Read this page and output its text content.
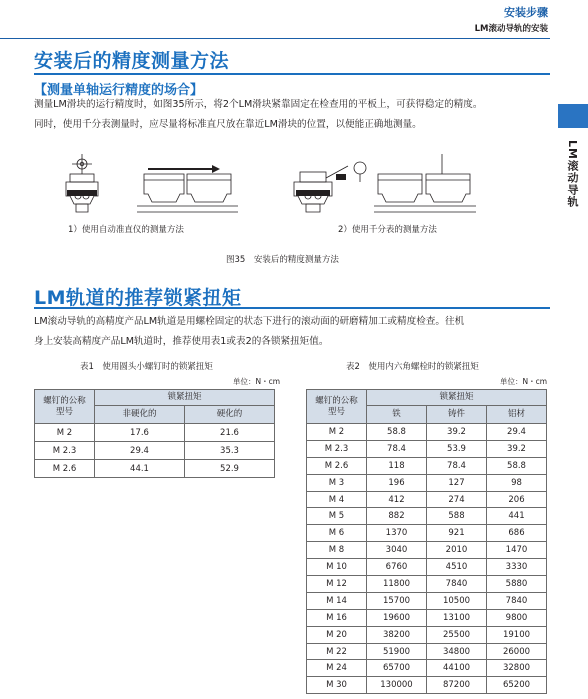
安装步骤
LM滚动导轨的安装
LM滚动导轨
安装后的精度测量方法
【测量单轴运行精度的场合】
测量LM滑块的运行精度时，如图35所示，将2个LM滑块紧靠固定在检查用的平板上，可获得稳定的精度。
同时，使用千分表测量时，应尽量将标准直尺放在靠近LM滑块的位置，以便能正确地测量。
1）使用自动准直仪的测量方法	2）使用千分表的测量方法
图35　安装后的精度测量方法
LM轨道的推荐锁紧扭矩
LM滚动导轨的高精度产品LM轨道是用螺栓固定的状态下进行的滚动面的研磨精加工或精度检查。往机
身上安装高精度产品LM轨道时，推荐使用表1或表2的各锁紧扭矩值。
表1　使用圆头小螺钉时的锁紧扭矩
单位：N・cm
螺钉的公称
型号	锁紧扭矩	
	非硬化的	硬化的
M 2	17.6	21.6
M 2.3	29.4	35.3
M 2.6	44.1	52.9
表2　使用内六角螺栓时的锁紧扭矩
单位：N・cm
螺钉的公称
型号	锁紧扭矩		
	铁	铸件	铝材
M 2	58.8	39.2	29.4
M 2.3	78.4	53.9	39.2
M 2.6	118	78.4	58.8
M 3	196	127	98
M 4	412	274	206
M 5	882	588	441
M 6	1370	921	686
M 8	3040	2010	1470
M 10	6760	4510	3330
M 12	11800	7840	5880
M 14	15700	10500	7840
M 16	19600	13100	9800
M 20	38200	25500	19100
M 22	51900	34800	26000
M 24	65700	44100	32800
M 30	130000	87200	65200
